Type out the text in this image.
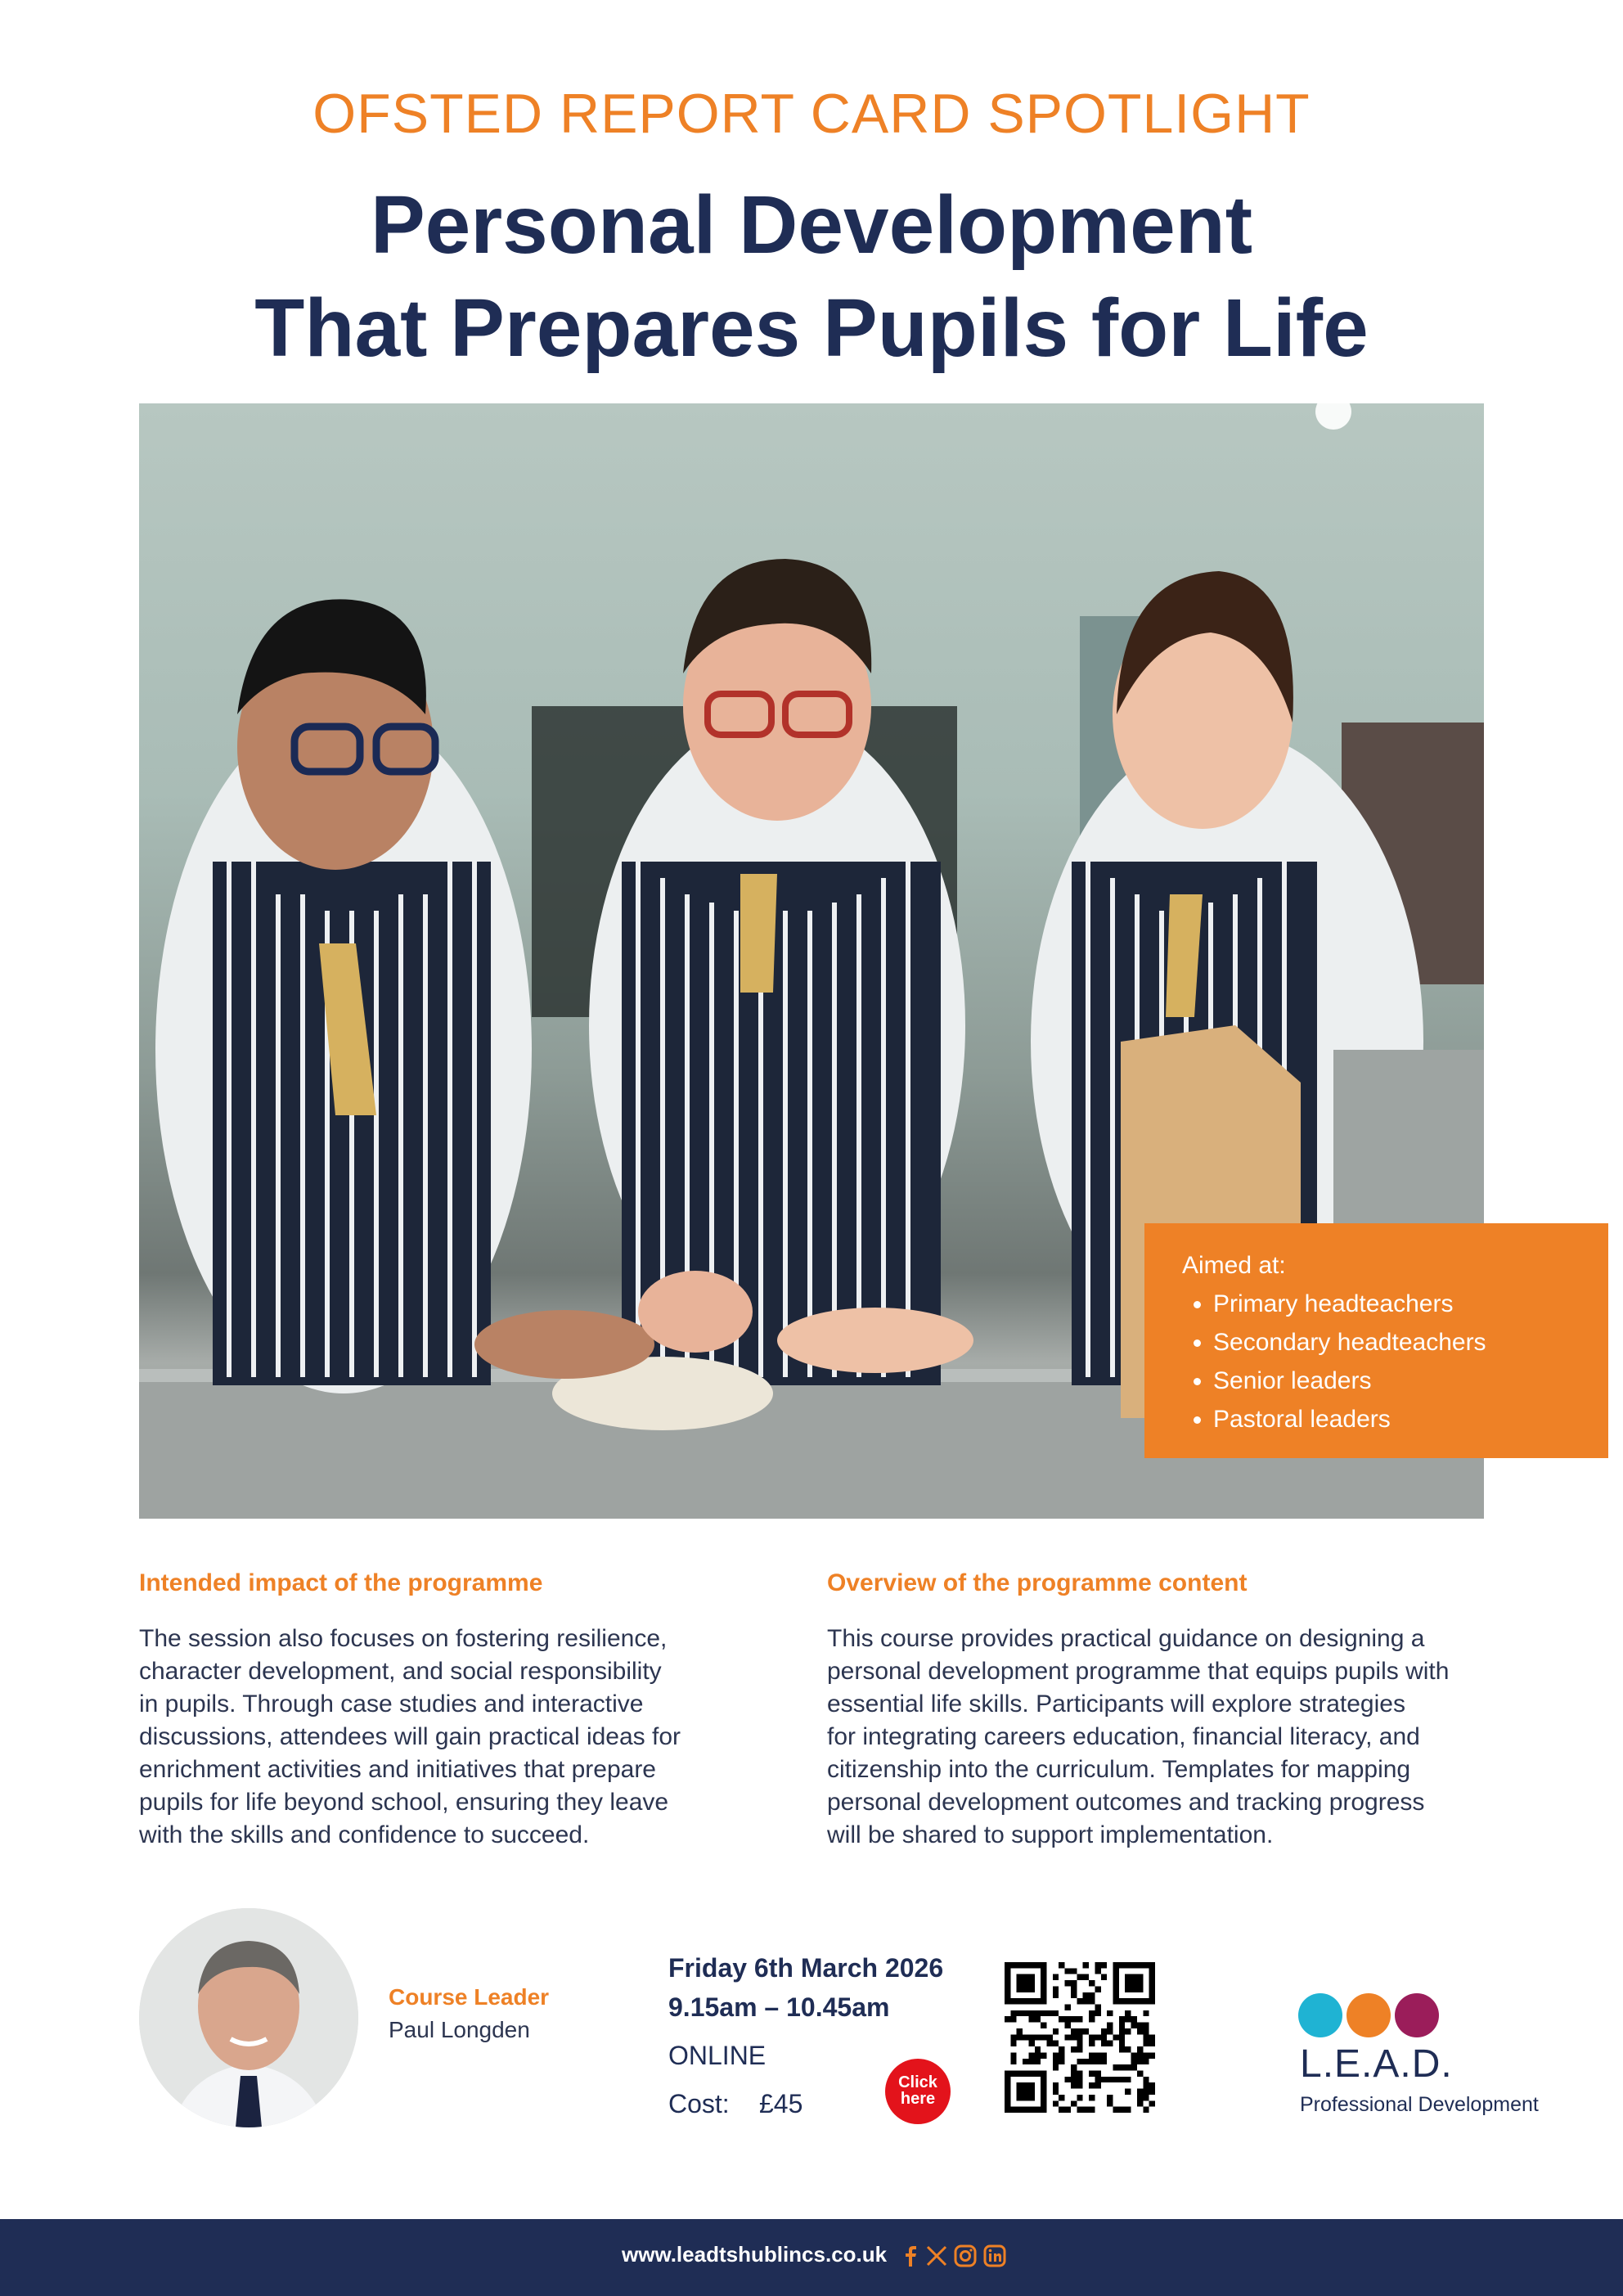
OFSTED REPORT CARD SPOTLIGHT
Personal Development
That Prepares Pupils for Life
Aimed at:
• Primary headteachers
• Secondary headteachers
• Senior leaders
• Pastoral leaders
Intended impact of the programme
The session also focuses on fostering resilience,
character development, and social responsibility
in pupils. Through case studies and interactive
discussions, attendees will gain practical ideas for
enrichment activities and initiatives that prepare
pupils for life beyond school, ensuring they leave
with the skills and confidence to succeed.
Overview of the programme content
This course provides practical guidance on designing a
personal development programme that equips pupils with
essential life skills. Participants will explore strategies
for integrating careers education, financial literacy, and
citizenship into the curriculum. Templates for mapping
personal development outcomes and tracking progress
will be shared to support implementation.
Course Leader
Paul Longden
Friday 6th March 2026
9.15am – 10.45am
ONLINE
Cost: £45
Click
here
L.E.A.D.
Professional Development
www.leadtshublincs.co.uk
